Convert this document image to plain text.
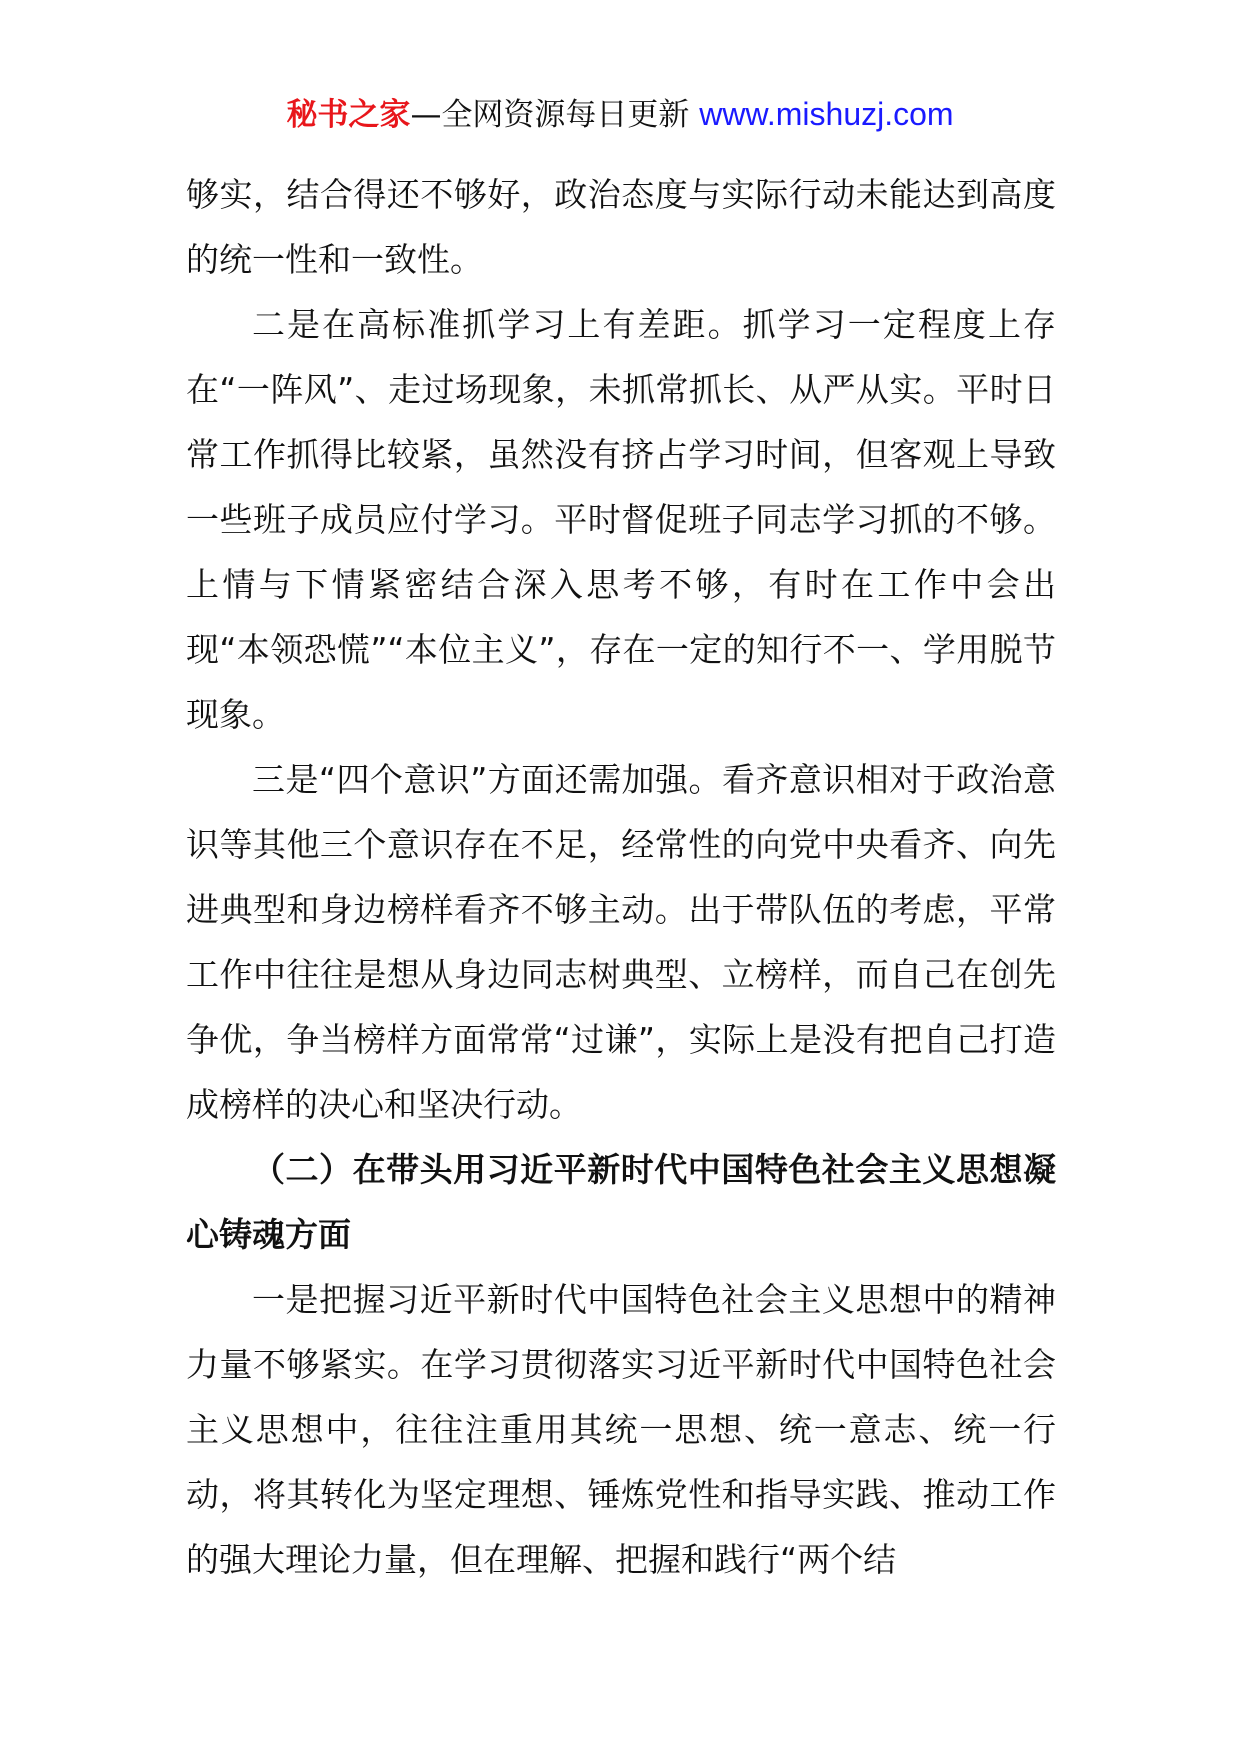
秘书之家—全网资源每日更新 www.mishuzj.com

够实，结合得还不够好，政治态度与实际行动未能达到高度的统一性和一致性。

二是在高标准抓学习上有差距。抓学习一定程度上存在“一阵风”、走过场现象，未抓常抓长、从严从实。平时日常工作抓得比较紧，虽然没有挤占学习时间，但客观上导致一些班子成员应付学习。平时督促班子同志学习抓的不够。上情与下情紧密结合深入思考不够，有时在工作中会出现“本领恐慌”“本位主义”，存在一定的知行不一、学用脱节现象。

三是“四个意识”方面还需加强。看齐意识相对于政治意识等其他三个意识存在不足，经常性的向党中央看齐、向先进典型和身边榜样看齐不够主动。出于带队伍的考虑，平常工作中往往是想从身边同志树典型、立榜样，而自己在创先争优，争当榜样方面常常“过谦”，实际上是没有把自己打造成榜样的决心和坚决行动。

（二）在带头用习近平新时代中国特色社会主义思想凝心铸魂方面

一是把握习近平新时代中国特色社会主义思想中的精神力量不够紧实。在学习贯彻落实习近平新时代中国特色社会主义思想中，往往注重用其统一思想、统一意志、统一行动，将其转化为坚定理想、锤炼党性和指导实践、推动工作的强大理论力量，但在理解、把握和践行“两个结
